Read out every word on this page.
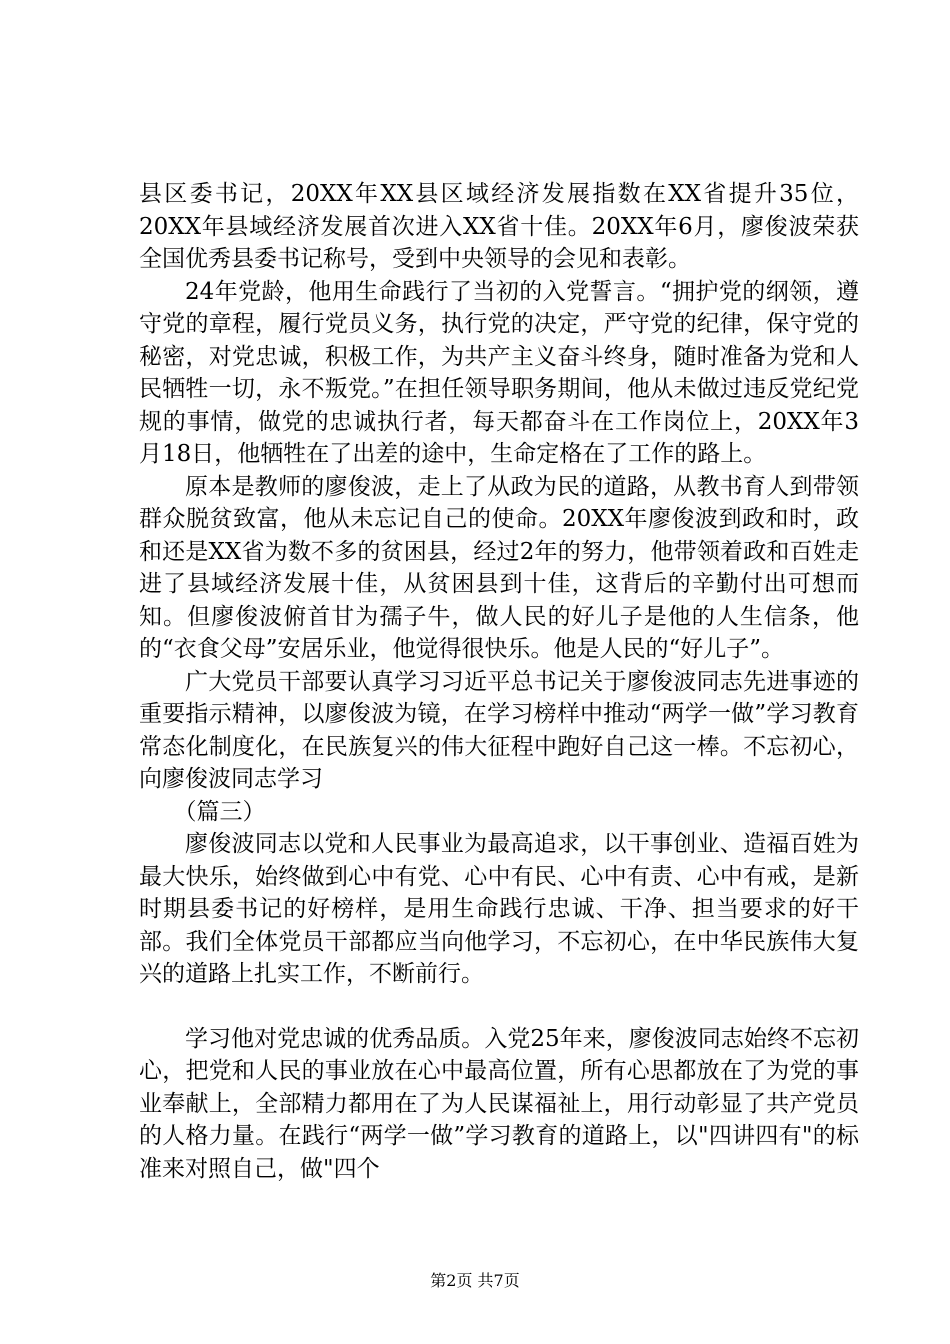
县区委书记，20XX年XX县区域经济发展指数在XX省提升35位，20XX年县域经济发展首次进入XX省十佳。20XX年6月，廖俊波荣获全国优秀县委书记称号，受到中央领导的会见和表彰。

24年党龄，他用生命践行了当初的入党誓言。“拥护党的纲领，遵守党的章程，履行党员义务，执行党的决定，严守党的纪律，保守党的秘密，对党忠诚，积极工作，为共产主义奋斗终身，随时准备为党和人民牺牲一切，永不叛党。”在担任领导职务期间，他从未做过违反党纪党规的事情，做党的忠诚执行者，每天都奋斗在工作岗位上，20XX年3月18日，他牺牲在了出差的途中，生命定格在了工作的路上。

原本是教师的廖俊波，走上了从政为民的道路，从教书育人到带领群众脱贫致富，他从未忘记自己的使命。20XX年廖俊波到政和时，政和还是XX省为数不多的贫困县，经过2年的努力，他带领着政和百姓走进了县域经济发展十佳，从贫困县到十佳，这背后的辛勤付出可想而知。但廖俊波俯首甘为孺子牛，做人民的好儿子是他的人生信条，他的“衣食父母”安居乐业，他觉得很快乐。他是人民的“好儿子”。

广大党员干部要认真学习习近平总书记关于廖俊波同志先进事迹的重要指示精神，以廖俊波为镜，在学习榜样中推动“两学一做”学习教育常态化制度化，在民族复兴的伟大征程中跑好自己这一棒。不忘初心，向廖俊波同志学习

（篇三）

廖俊波同志以党和人民事业为最高追求，以干事创业、造福百姓为最大快乐，始终做到心中有党、心中有民、心中有责、心中有戒，是新时期县委书记的好榜样，是用生命践行忠诚、干净、担当要求的好干部。我们全体党员干部都应当向他学习，不忘初心，在中华民族伟大复兴的道路上扎实工作，不断前行。

学习他对党忠诚的优秀品质。入党25年来，廖俊波同志始终不忘初心，把党和人民的事业放在心中最高位置，所有心思都放在了为党的事业奉献上，全部精力都用在了为人民谋福祉上，用行动彰显了共产党员的人格力量。在践行“两学一做”学习教育的道路上，以"四讲四有"的标准来对照自己，做"四个

第2页 共7页
